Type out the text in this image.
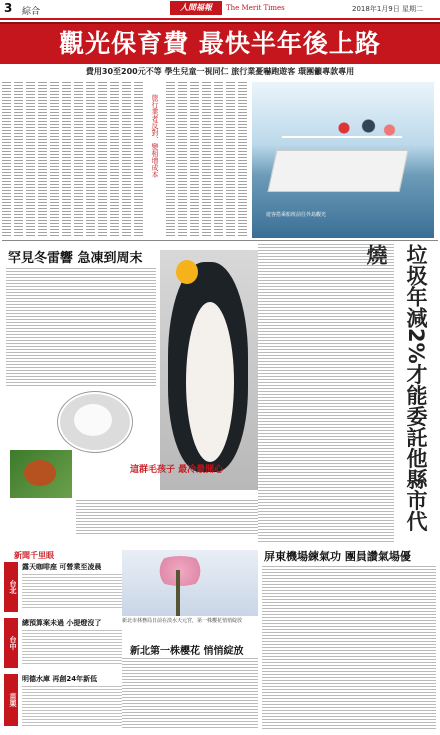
3 綜合	人間福報	The Merit Times	2018年1月9日 星期二
觀光保育費 最快半年後上路
費用30至200元不等 學生兒童一視同仁 旅行業憂嚇跑遊客 環團籲專款專用
旅行業者反對、變相增成本
遊客搭乘船班前往外島觀光
垃圾年減2%才能委託他縣市代燒
罕見冬雷響 急凍到周末
這群毛孩子 最冷最開心
新聞千里眼
台北
露天咖啡座 可營業至凌晨
台中
總預算案未過 小提燈沒了
苗栗
明德水庫 再創24年新低
新北市林務局日前在淡水天元宮，第一株櫻花悄悄綻放
新北第一株櫻花 悄悄綻放
屏東機場練氣功 團員讚氣場優
